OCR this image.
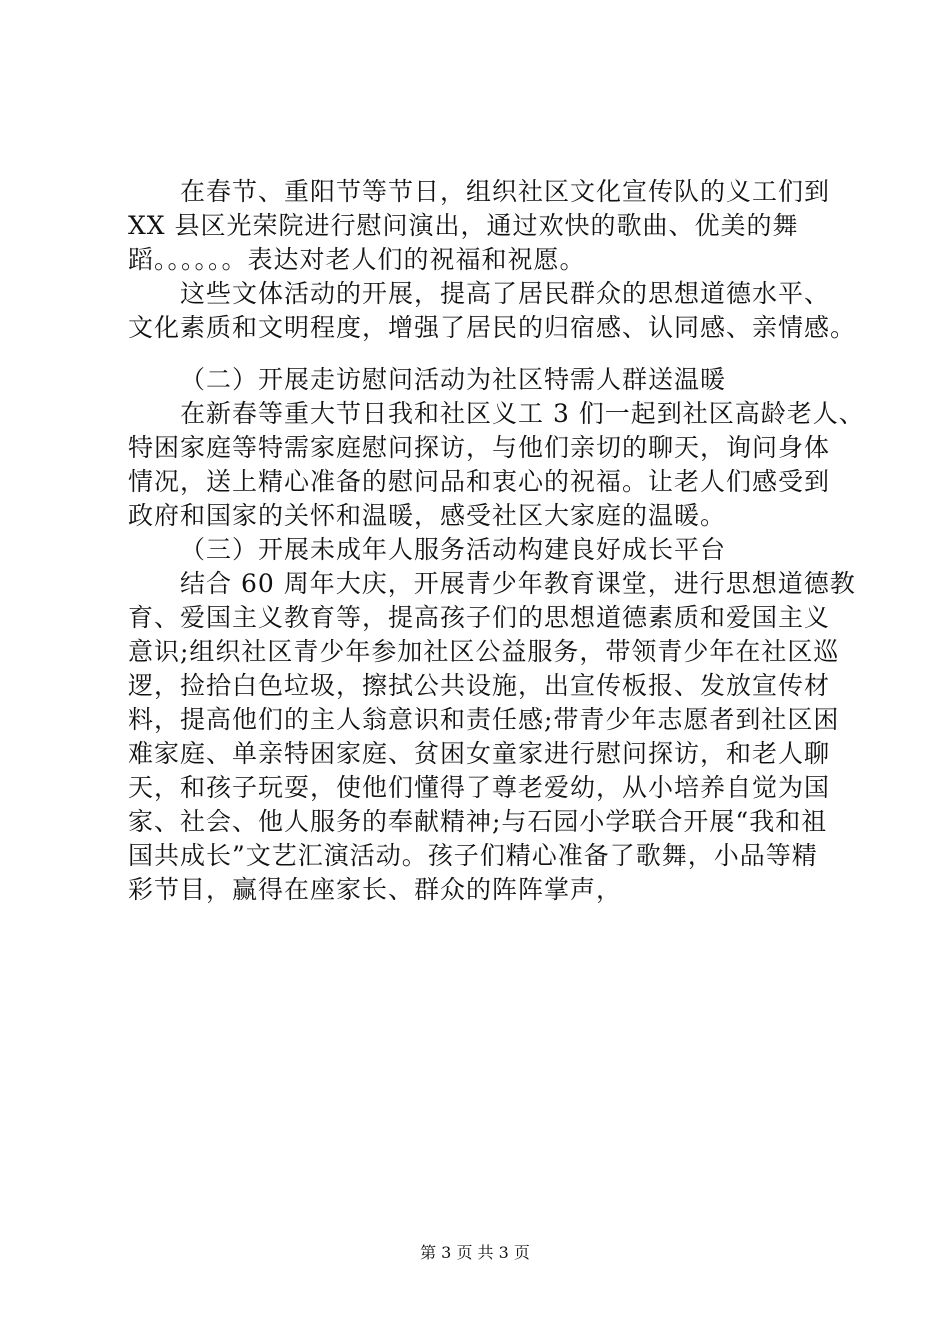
在春节、重阳节等节日，组织社区文化宣传队的义工们到
XX 县区光荣院进行慰问演出，通过欢快的歌曲、优美的舞
蹈。。。。。。表达对老人们的祝福和祝愿。
这些文体活动的开展，提高了居民群众的思想道德水平、
文化素质和文明程度，增强了居民的归宿感、认同感、亲情感。
（二）开展走访慰问活动为社区特需人群送温暖
在新春等重大节日我和社区义工 3 们一起到社区高龄老人、
特困家庭等特需家庭慰问探访，与他们亲切的聊天，询问身体
情况，送上精心准备的慰问品和衷心的祝福。让老人们感受到
政府和国家的关怀和温暖，感受社区大家庭的温暖。
（三）开展未成年人服务活动构建良好成长平台
结合 60 周年大庆，开展青少年教育课堂，进行思想道德教
育、爱国主义教育等，提高孩子们的思想道德素质和爱国主义
意识;组织社区青少年参加社区公益服务，带领青少年在社区巡
逻，捡拾白色垃圾，擦拭公共设施，出宣传板报、发放宣传材
料，提高他们的主人翁意识和责任感;带青少年志愿者到社区困
难家庭、单亲特困家庭、贫困女童家进行慰问探访，和老人聊
天，和孩子玩耍，使他们懂得了尊老爱幼，从小培养自觉为国
家、社会、他人服务的奉献精神;与石园小学联合开展“我和祖
国共成长”文艺汇演活动。孩子们精心准备了歌舞，小品等精
彩节目，赢得在座家长、群众的阵阵掌声，
第 3 页 共 3 页
